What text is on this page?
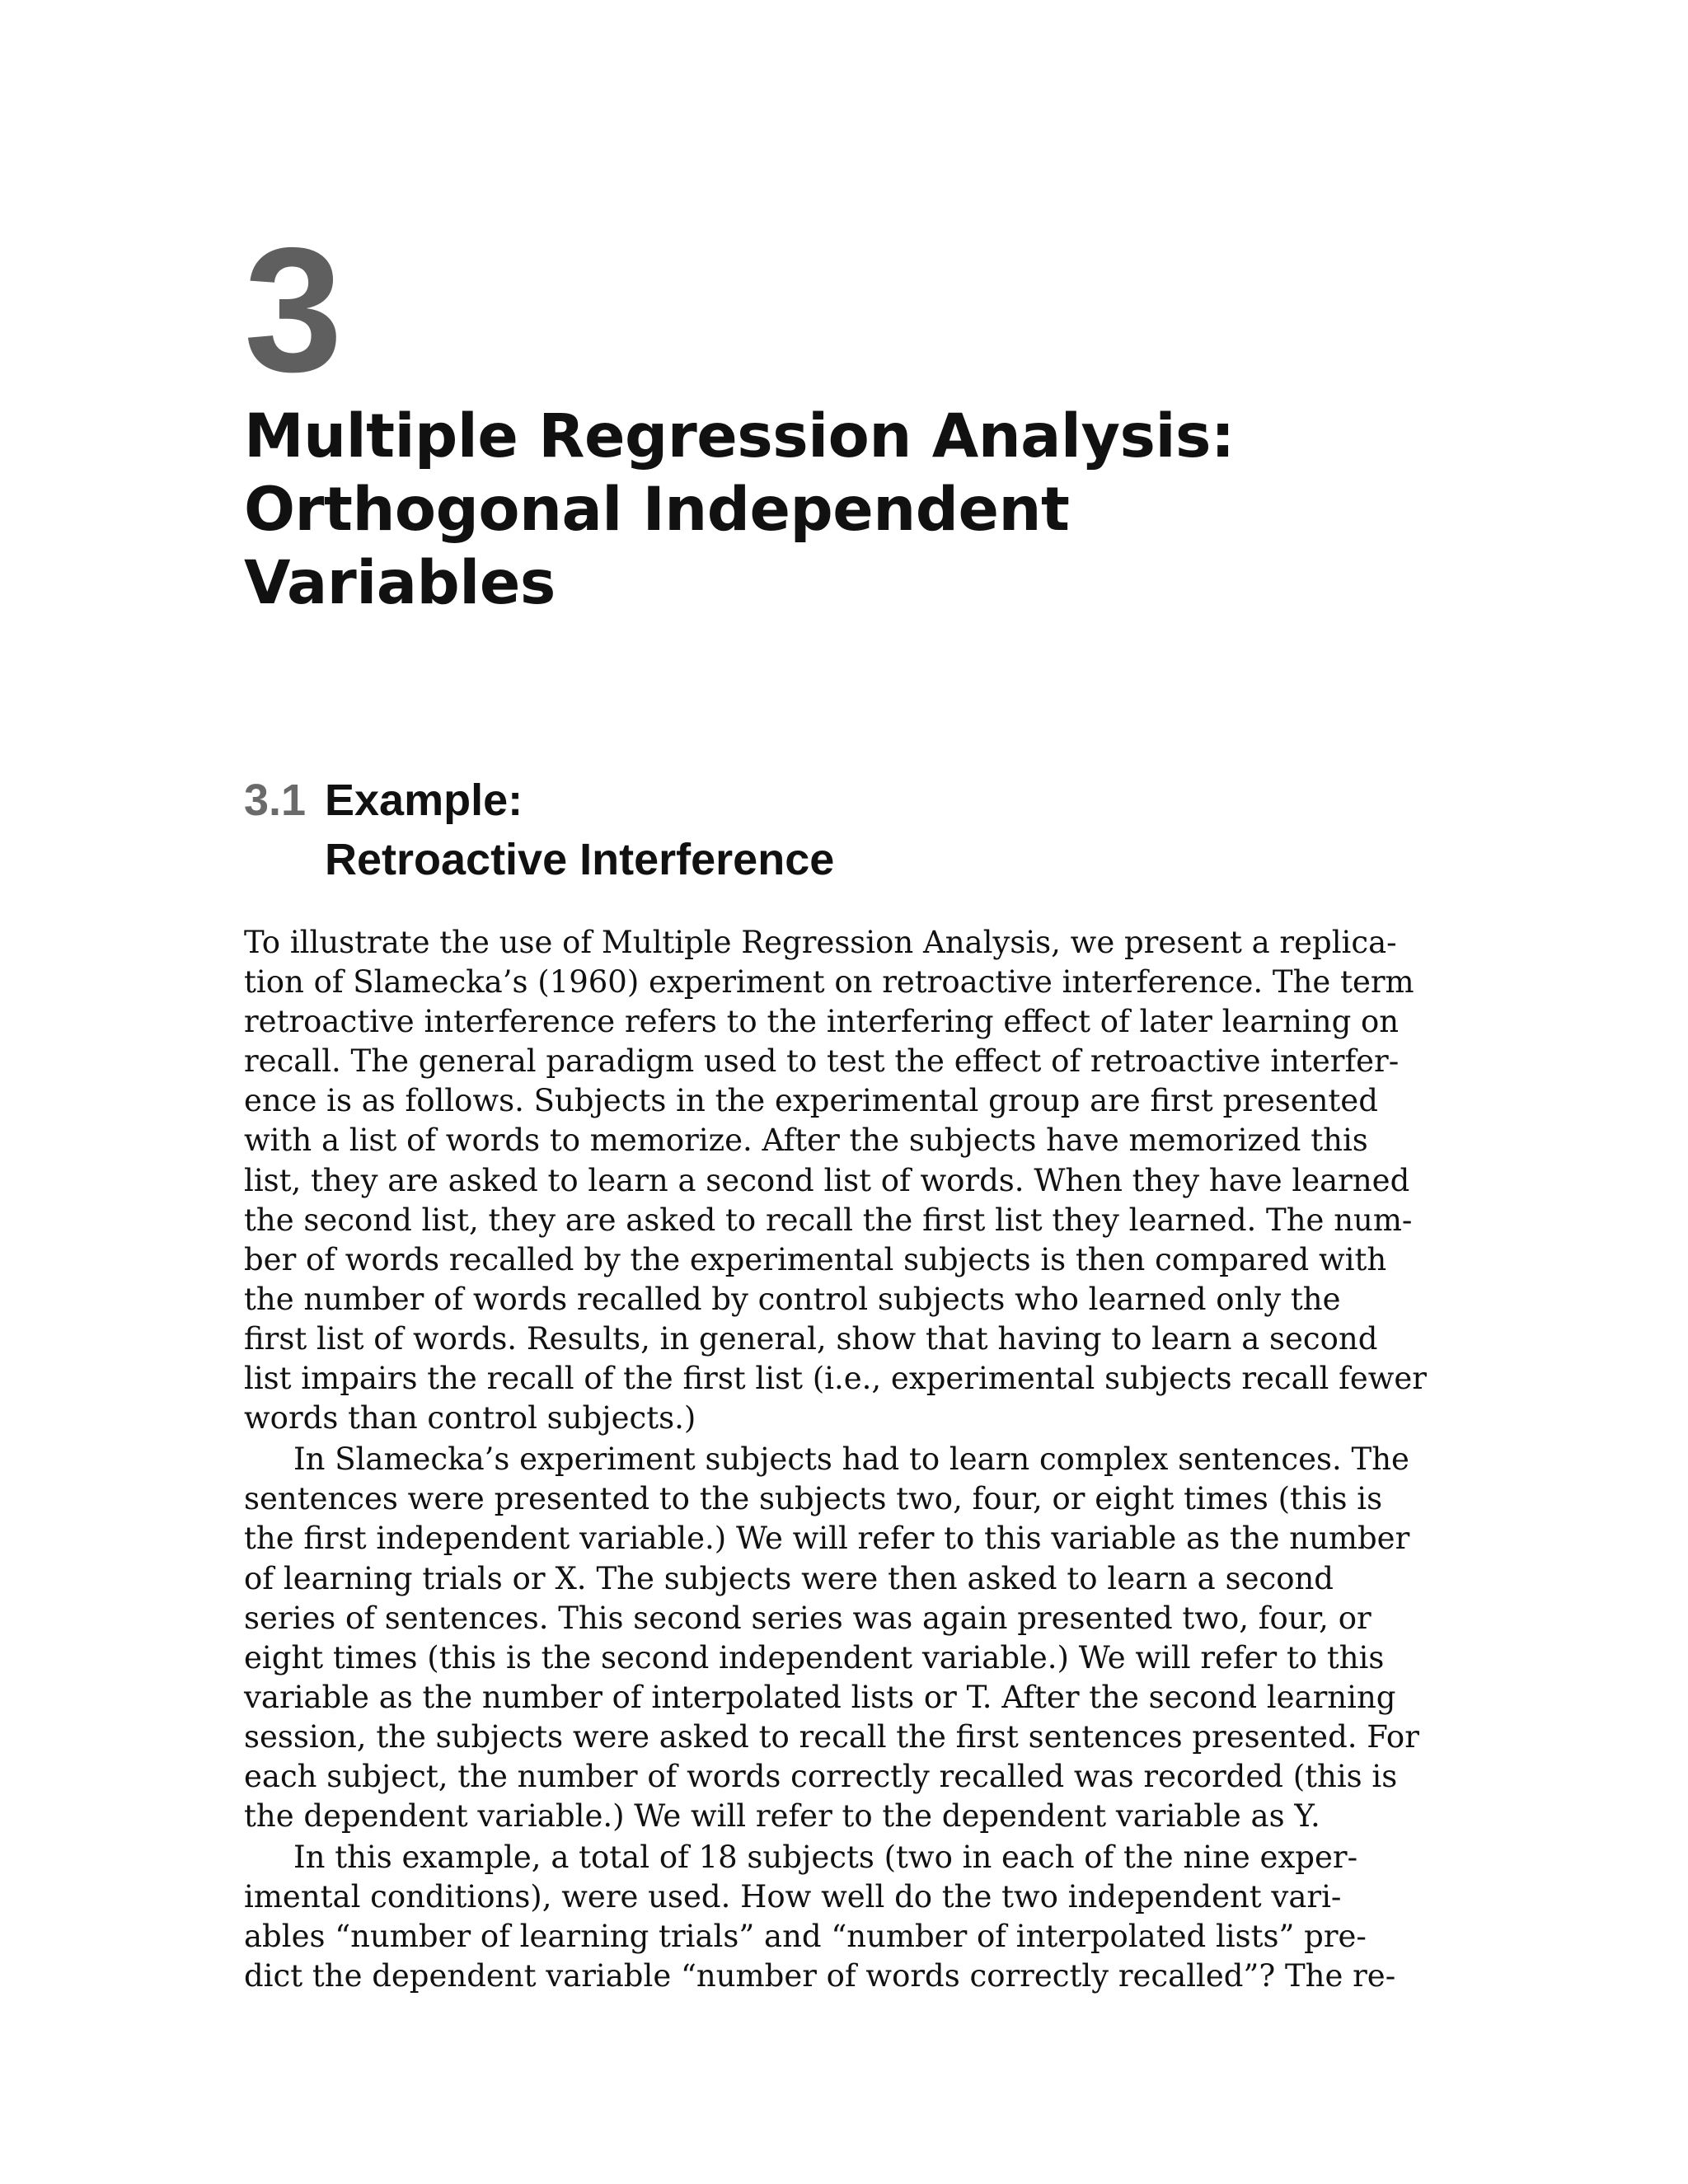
3
Multiple Regression Analysis:
Orthogonal Independent
Variables
3.1 Example:
Retroactive Interference

To illustrate the use of Multiple Regression Analysis, we present a replica-
tion of Slamecka’s (1960) experiment on retroactive interference. The term
retroactive interference refers to the interfering effect of later learning on
recall. The general paradigm used to test the effect of retroactive interfer-
ence is as follows. Subjects in the experimental group are first presented
with a list of words to memorize. After the subjects have memorized this
list, they are asked to learn a second list of words. When they have learned
the second list, they are asked to recall the first list they learned. The num-
ber of words recalled by the experimental subjects is then compared with
the number of words recalled by control subjects who learned only the
first list of words. Results, in general, show that having to learn a second
list impairs the recall of the first list (i.e., experimental subjects recall fewer
words than control subjects.)

In Slamecka’s experiment subjects had to learn complex sentences. The
sentences were presented to the subjects two, four, or eight times (this is
the first independent variable.) We will refer to this variable as the number
of learning trials or X. The subjects were then asked to learn a second
series of sentences. This second series was again presented two, four, or
eight times (this is the second independent variable.) We will refer to this
variable as the number of interpolated lists or T. After the second learning
session, the subjects were asked to recall the first sentences presented. For
each subject, the number of words correctly recalled was recorded (this is
the dependent variable.) We will refer to the dependent variable as Y.

In this example, a total of 18 subjects (two in each of the nine exper-
imental conditions), were used. How well do the two independent vari-
ables “number of learning trials” and “number of interpolated lists” pre-
dict the dependent variable “number of words correctly recalled”? The re-
